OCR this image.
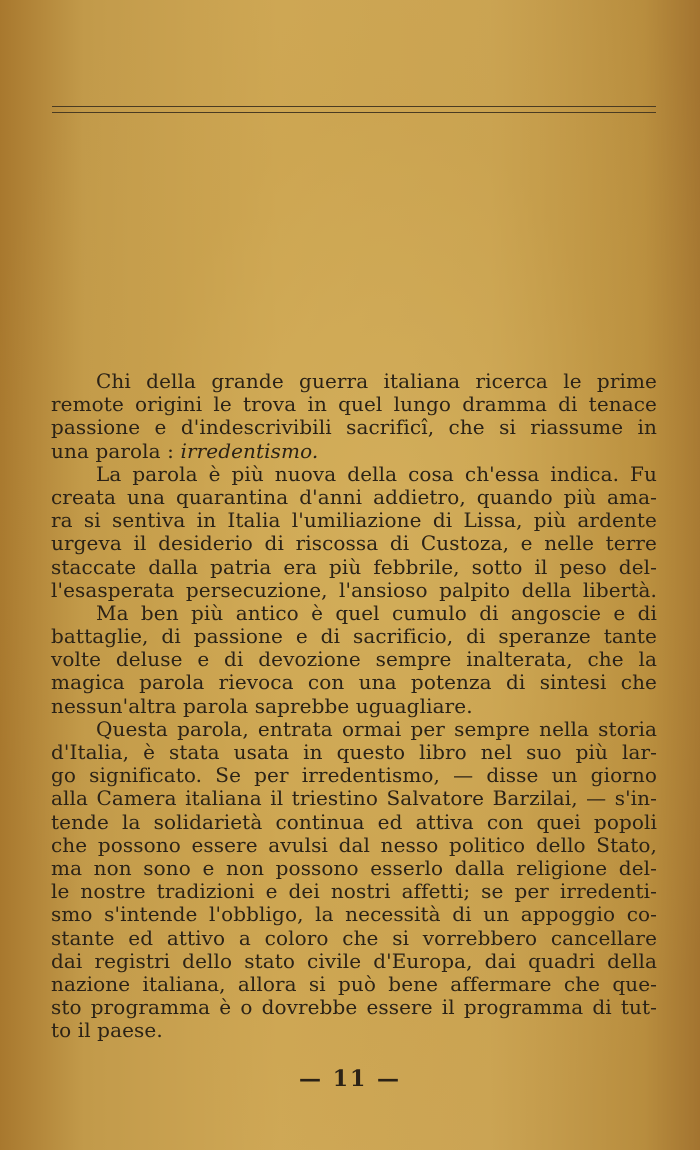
Chi della grande guerra italiana ricerca le prime
remote origini le trova in quel lungo dramma di tenace
passione e d'indescrivibili sacrificî, che si riassume in
una parola : irredentismo.
La parola è più nuova della cosa ch'essa indica. Fu
creata una quarantina d'anni addietro, quando più ama-
ra si sentiva in Italia l'umiliazione di Lissa, più ardente
urgeva il desiderio di riscossa di Custoza, e nelle terre
staccate dalla patria era più febbrile, sotto il peso del-
l'esasperata persecuzione, l'ansioso palpito della libertà.
Ma ben più antico è quel cumulo di angoscie e di
battaglie, di passione e di sacrificio, di speranze tante
volte deluse e di devozione sempre inalterata, che la
magica parola rievoca con una potenza di sintesi che
nessun'altra parola saprebbe uguagliare.
Questa parola, entrata ormai per sempre nella storia
d'Italia, è stata usata in questo libro nel suo più lar-
go significato. Se per irredentismo, — disse un giorno
alla Camera italiana il triestino Salvatore Barzilai, — s'in-
tende la solidarietà continua ed attiva con quei popoli
che possono essere avulsi dal nesso politico dello Stato,
ma non sono e non possono esserlo dalla religione del-
le nostre tradizioni e dei nostri affetti; se per irredenti-
smo s'intende l'obbligo, la necessità di un appoggio co-
stante ed attivo a coloro che si vorrebbero cancellare
dai registri dello stato civile d'Europa, dai quadri della
nazione italiana, allora si può bene affermare che que-
sto programma è o dovrebbe essere il programma di tut-
to il paese.
— 11 —
